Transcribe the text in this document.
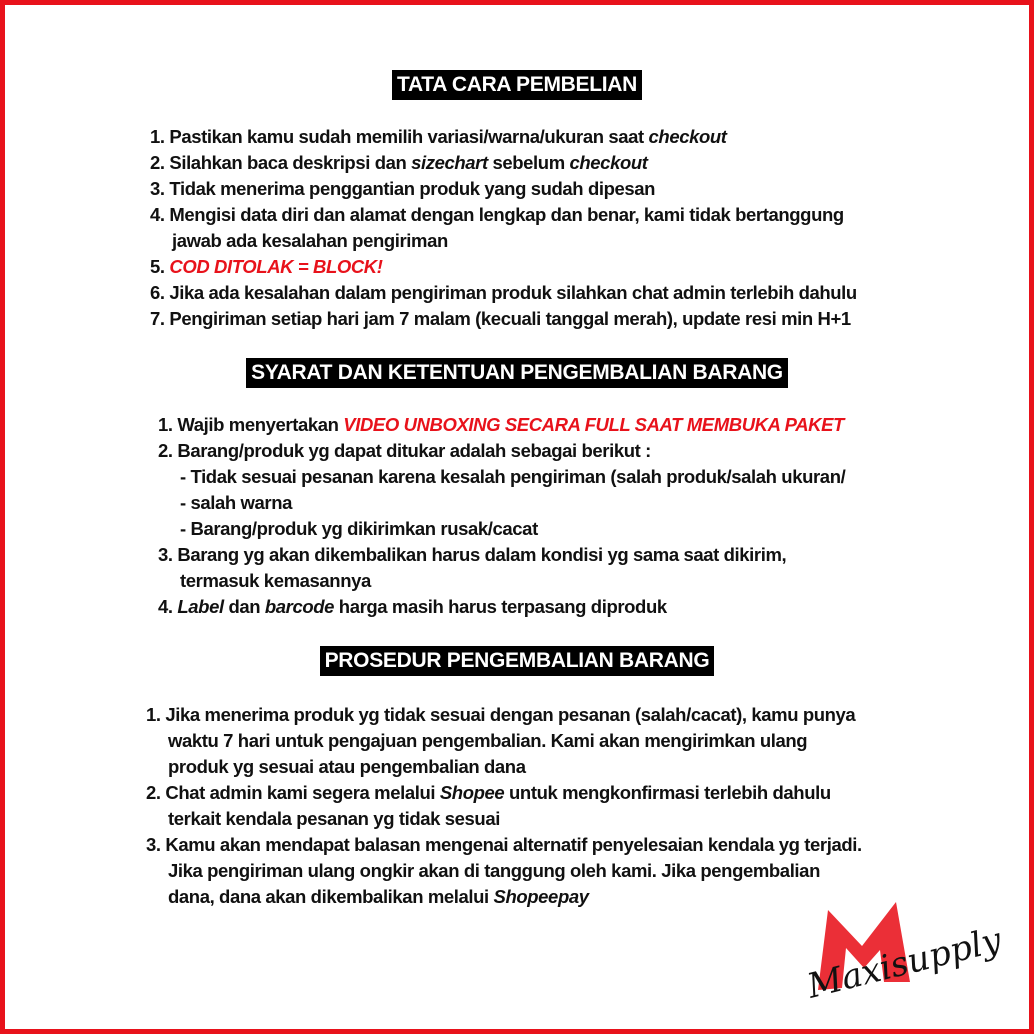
TATA CARA PEMBELIAN
1. Pastikan kamu sudah memilih variasi/warna/ukuran saat checkout
2. Silahkan baca deskripsi dan sizechart sebelum checkout
3. Tidak menerima penggantian produk yang sudah dipesan
4. Mengisi data diri dan alamat dengan lengkap dan benar, kami tidak bertanggung
jawab ada kesalahan pengiriman
5. COD DITOLAK = BLOCK!
6. Jika ada kesalahan dalam pengiriman produk silahkan chat admin terlebih dahulu
7. Pengiriman setiap hari jam 7 malam (kecuali tanggal merah), update resi min H+1
SYARAT DAN KETENTUAN PENGEMBALIAN BARANG
1. Wajib menyertakan VIDEO UNBOXING SECARA FULL SAAT MEMBUKA PAKET
2. Barang/produk yg dapat ditukar adalah sebagai berikut :
- Tidak sesuai pesanan karena kesalah pengiriman (salah produk/salah ukuran/
- salah warna
- Barang/produk yg dikirimkan rusak/cacat
3. Barang yg akan dikembalikan harus dalam kondisi yg sama saat dikirim,
termasuk kemasannya
4. Label dan barcode harga masih harus terpasang diproduk
PROSEDUR PENGEMBALIAN BARANG
1. Jika menerima produk yg tidak sesuai dengan pesanan (salah/cacat), kamu punya
waktu 7 hari untuk pengajuan pengembalian. Kami akan mengirimkan ulang
produk yg sesuai atau pengembalian dana
2. Chat admin kami segera melalui Shopee untuk mengkonfirmasi terlebih dahulu
terkait kendala pesanan yg tidak sesuai
3. Kamu akan mendapat balasan mengenai alternatif penyelesaian kendala yg terjadi.
Jika pengiriman ulang ongkir akan di tanggung oleh kami. Jika pengembalian
dana, dana akan dikembalikan melalui Shopeepay
Maxisupply
